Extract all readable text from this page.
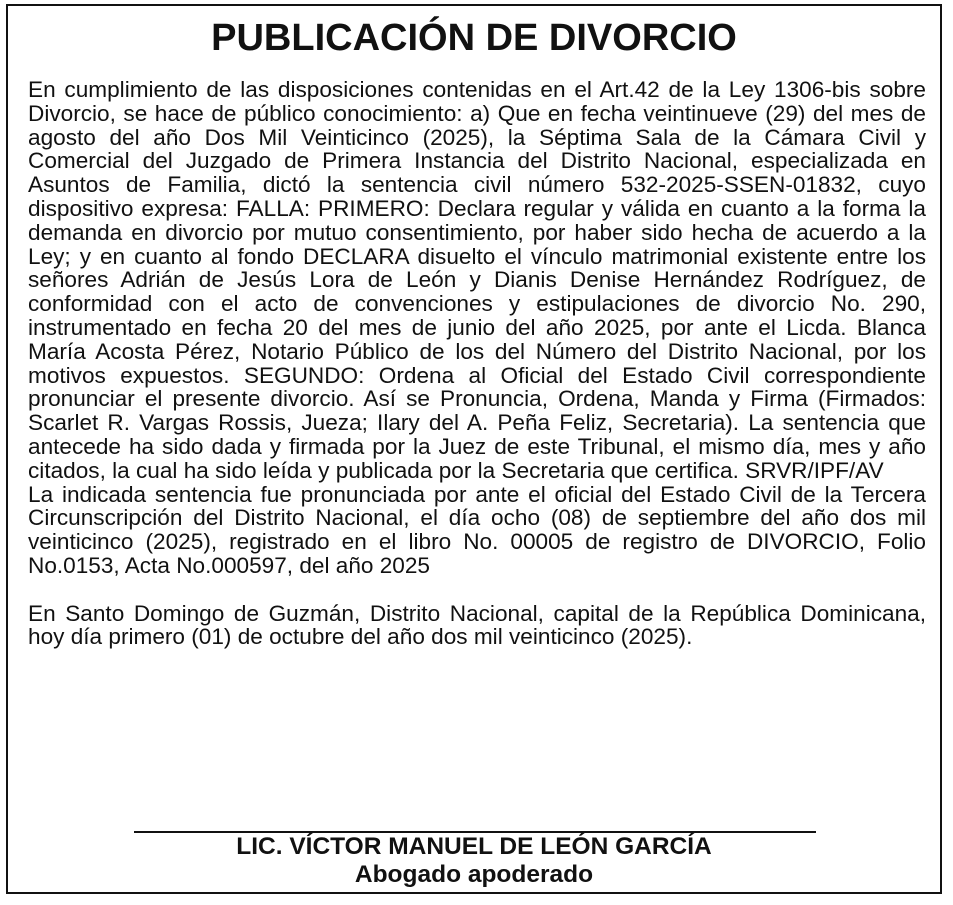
PUBLICACIÓN DE DIVORCIO

En cumplimiento de las disposiciones contenidas en el Art.42 de la Ley 1306-bis sobre Divorcio, se hace de público conocimiento: a) Que en fecha veintinueve (29) del mes de agosto del año Dos Mil Veinticinco (2025), la Séptima Sala de la Cámara Civil y Comercial del Juzgado de Primera Instancia del Distrito Nacional, especializada en Asuntos de Familia, dictó la sentencia civil número 532-2025-SSEN-01832, cuyo dispositivo expresa: FALLA: PRIMERO: Declara regular y válida en cuanto a la forma la demanda en divorcio por mutuo consentimiento, por haber sido hecha de acuerdo a la Ley; y en cuanto al fondo DECLARA disuelto el vínculo matrimonial existente entre los señores Adrián de Jesús Lora de León y Dianis Denise Hernández Rodríguez, de conformidad con el acto de convenciones y estipulaciones de divorcio No. 290, instrumentado en fecha 20 del mes de junio del año 2025, por ante el Licda. Blanca María Acosta Pérez, Notario Público de los del Número del Distrito Nacional, por los motivos expuestos. SEGUNDO: Ordena al Oficial del Estado Civil correspondiente pronunciar el presente divorcio. Así se Pronuncia, Ordena, Manda y Firma (Firmados: Scarlet R. Vargas Rossis, Jueza; Ilary del A. Peña Feliz, Secretaria). La sentencia que antecede ha sido dada y firmada por la Juez de este Tribunal, el mismo día, mes y año citados, la cual ha sido leída y publicada por la Secretaria que certifica. SRVR/IPF/AV

La indicada sentencia fue pronunciada por ante el oficial del Estado Civil de la Tercera Circunscripción del Distrito Nacional, el día ocho (08) de septiembre del año dos mil veinticinco (2025), registrado en el libro No. 00005 de registro de DIVORCIO, Folio No.0153, Acta No.000597, del año 2025

En Santo Domingo de Guzmán, Distrito Nacional, capital de la República Dominicana, hoy día primero (01) de octubre del año dos mil veinticinco (2025).

LIC. VÍCTOR MANUEL DE LEÓN GARCÍA
Abogado apoderado
